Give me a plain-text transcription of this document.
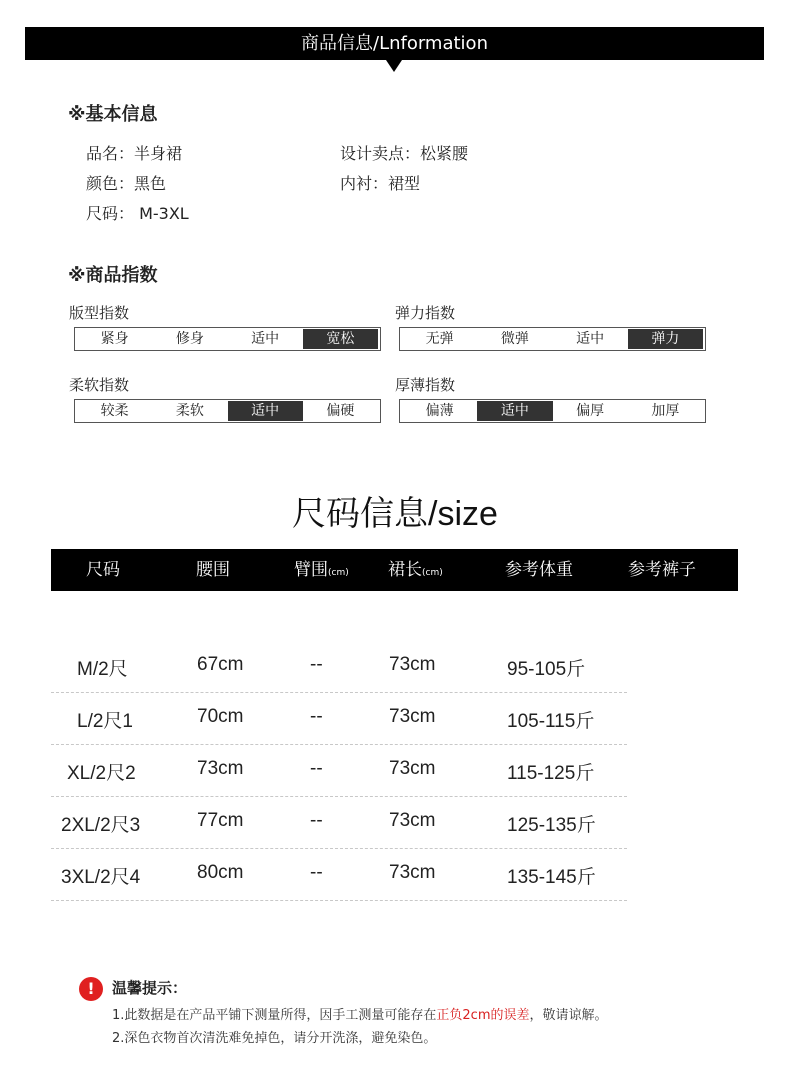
商品信息/Lnformation
※基本信息
品名：半身裙	设计卖点：松紧腰
颜色：黑色	内衬：裙型
尺码： M-3XL
※商品指数
版型指数
紧身	修身	适中	宽松
弹力指数
无弹	微弹	适中	弹力
柔软指数
较柔	柔软	适中	偏硬
厚薄指数
偏薄	适中	偏厚	加厚
尺码信息/size
尺码	腰围	臂围(cm) 裙长(cm)	参考体重	参考裤子
M/2尺	67cm	--	73cm	95-105斤
L/2尺1	70cm	--	73cm	105-115斤
XL/2尺2	73cm	--	73cm	115-125斤
2XL/2尺3	77cm	--	73cm	125-135斤
3XL/2尺4	80cm	--	73cm	135-145斤
!	温馨提示：
1.此数据是在产品平铺下测量所得，因手工测量可能存在正负2cm的误差，敬请谅解。
2.深色衣物首次清洗难免掉色，请分开洗涤，避免染色。
